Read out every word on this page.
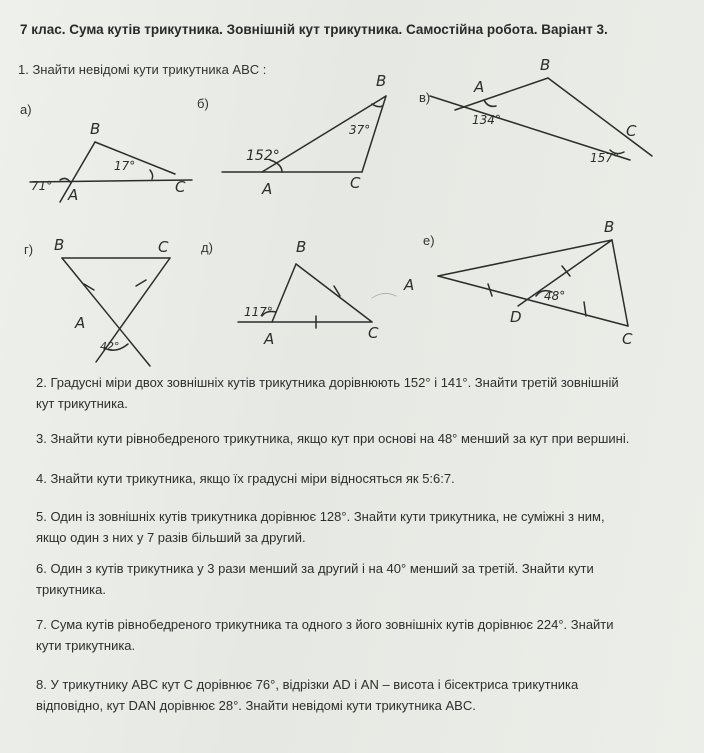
7 клас. Сума кутів трикутника. Зовнішній кут трикутника. Самостійна робота. Варіант 3.
1. Знайти невідомі кути трикутника ABC :
а)	б)	в)
г)	д)	е)
B
A	C
17°
71°
B
A	C
37°
152°
B
A
C
134°
157°
B	C
A
42°
B
A	C
117°
B
A
C
D
48°
2. Градусні міри двох зовнішніх кутів трикутника дорівнюють 152° і 141°. Знайти третій зовнішній
кут трикутника.
3. Знайти кути рівнобедреного трикутника, якщо кут при основі на 48° менший за кут при вершині.
4. Знайти кути трикутника, якщо їх градусні міри відносяться як 5:6:7.
5. Один із зовнішніх кутів трикутника дорівнює 128°. Знайти кути трикутника, не суміжні з ним,
якщо один з них у 7 разів більший за другий.
6. Один з кутів трикутника у 3 рази менший за другий і на 40° менший за третій. Знайти кути
трикутника.
7. Сума кутів рівнобедреного трикутника та одного з його зовнішніх кутів дорівнює 224°. Знайти
кути трикутника.
8. У трикутнику ABC кут C дорівнює 76°, відрізки AD і AN – висота і бісектриса трикутника
відповідно, кут DAN дорівнює 28°. Знайти невідомі кути трикутника ABC.
